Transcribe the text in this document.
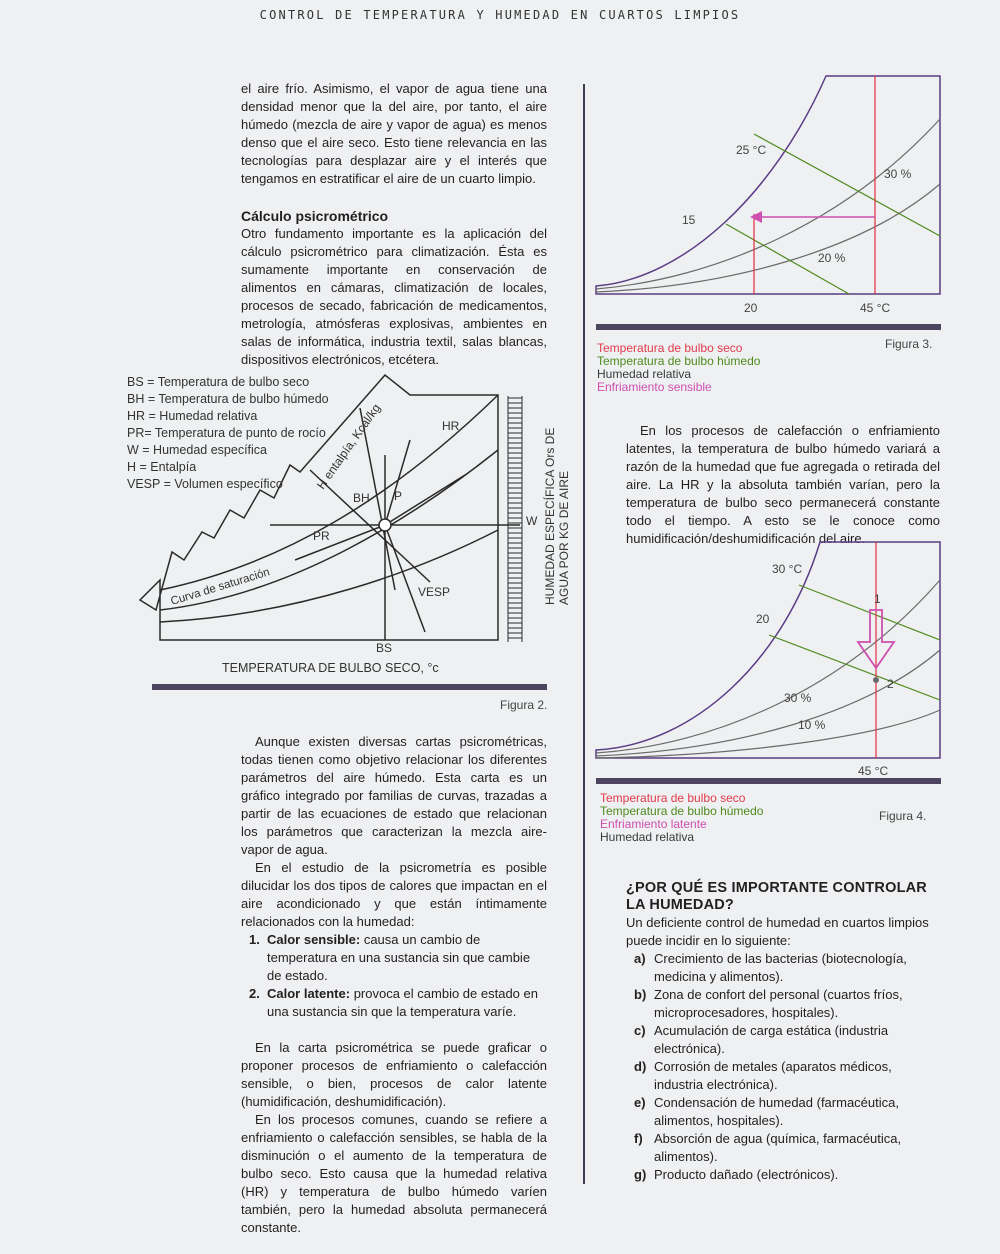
CONTROL DE TEMPERATURA Y HUMEDAD EN CUARTOS LIMPIOS

el aire frío. Asimismo, el vapor de agua tiene una densidad menor que la del aire, por tanto, el aire húmedo (mezcla de aire y vapor de agua) es menos denso que el aire seco. Esto tiene relevancia en las tecnologías para desplazar aire y el interés que tengamos en estratificar el aire de un cuarto limpio.

Cálculo psicrométrico

Otro fundamento importante es la aplicación del cálculo psicrométrico para climatización. Ésta es sumamente importante en conservación de alimentos en cámaras, climatización de locales, procesos de secado, fabricación de medicamentos, metrología, atmósferas explosivas, ambientes en salas de informática, industria textil, salas blancas, dispositivos electrónicos, etcétera.

BS = Temperatura de bulbo seco
BH = Temperatura de bulbo húmedo
HR = Humedad relativa
PR= Temperatura de punto de rocío
W = Humedad específica
H = Entalpía
VESP = Volumen específico	H entalpía, Kcal/kg	HR
BH P
PR
W
VESP
BS
Curva de saturación
TEMPERATURA DE BULBO SECO, °c
HUMEDAD ESPECÍFICA Ors DE AGUA POR KG DE AIRE
Figura 2.

Aunque existen diversas cartas psicrométricas, todas tienen como objetivo relacionar los diferentes parámetros del aire húmedo. Esta carta es un gráfico integrado por familias de curvas, trazadas a partir de las ecuaciones de estado que relacionan los parámetros que caracterizan la mezcla aire-vapor de agua.

En el estudio de la psicrometría es posible dilucidar los dos tipos de calores que impactan en el aire acondicionado y que están íntimamente relacionados con la humedad:

1. Calor sensible: causa un cambio de temperatura en una sustancia sin que cambie de estado.
2. Calor latente: provoca el cambio de estado en una sustancia sin que la temperatura varíe.

En la carta psicrométrica se puede graficar o proponer procesos de enfriamiento o calefacción sensible, o bien, procesos de calor latente (humidificación, deshumidificación).

En los procesos comunes, cuando se refiere a enfriamiento o calefacción sensibles, se habla de la disminución o el aumento de la temperatura de bulbo seco. Esto causa que la humedad relativa (HR) y temperatura de bulbo húmedo varíen también, pero la humedad absoluta permanecerá constante.

25 °C
15
30 %
20 %
20	45 °C
Temperatura de bulbo seco
Temperatura de bulbo húmedo
Humedad relativa
Enfriamiento sensible
Figura 3.

En los procesos de calefacción o enfriamiento latentes, la temperatura de bulbo húmedo variará a razón de la humedad que fue agregada o retirada del aire. La HR y la absoluta también varían, pero la temperatura de bulbo seco permanecerá constante todo el tiempo. A esto se le conoce como humidificación/deshumidificación del aire.

30 °C
20
1
2
30 %
10 %
45 °C
Temperatura de bulbo seco
Temperatura de bulbo húmedo
Enfriamiento latente
Humedad relativa
Figura 4.

¿POR QUÉ ES IMPORTANTE CONTROLAR

LA HUMEDAD?

Un deficiente control de humedad en cuartos limpios puede incidir en lo siguiente:

a) Crecimiento de las bacterias (biotecnología, medicina y alimentos).
b) Zona de confort del personal (cuartos fríos, microprocesadores, hospitales).
c) Acumulación de carga estática (industria electrónica).
d) Corrosión de metales (aparatos médicos, industria electrónica).
e) Condensación de humedad (farmacéutica, alimentos, hospitales).
f) Absorción de agua (química, farmacéutica, alimentos).
g) Producto dañado (electrónicos).
